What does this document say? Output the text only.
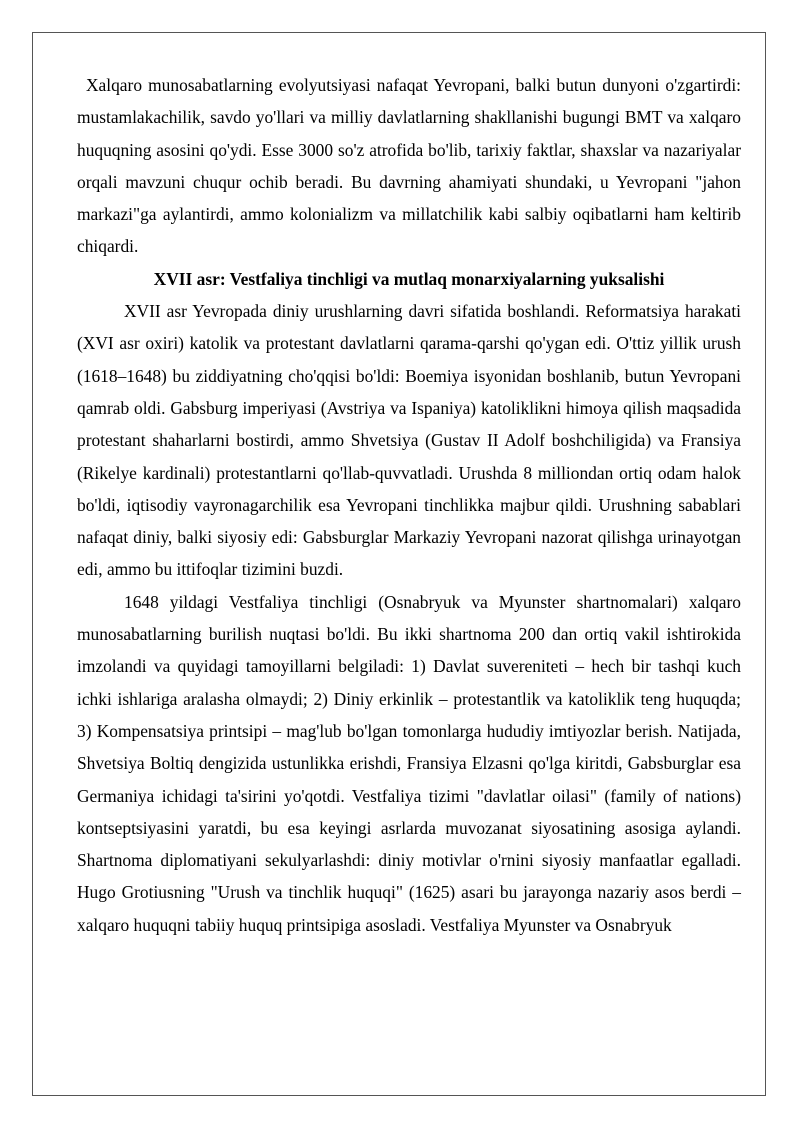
Xalqaro munosabatlarning evolyutsiyasi nafaqat Yevropani, balki butun dunyoni o'zgartirdi: mustamlakachilik, savdo yo'llari va milliy davlatlarning shakllanishi bugungi BMT va xalqaro huquqning asosini qo'ydi. Esse 3000 so'z atrofida bo'lib, tarixiy faktlar, shaxslar va nazariyalar orqali mavzuni chuqur ochib beradi. Bu davrning ahamiyati shundaki, u Yevropani "jahon markazi"ga aylantirdi, ammo kolonializm va millatchilik kabi salbiy oqibatlarni ham keltirib chiqardi.

XVII asr: Vestfaliya tinchligi va mutlaq monarxiyalarning yuksalishi

XVII asr Yevropada diniy urushlarning davri sifatida boshlandi. Reformatsiya harakati (XVI asr oxiri) katolik va protestant davlatlarni qarama-qarshi qo'ygan edi. O'ttiz yillik urush (1618–1648) bu ziddiyatning cho'qqisi bo'ldi: Boemiya isyonidan boshlanib, butun Yevropani qamrab oldi. Gabsburg imperiyasi (Avstriya va Ispaniya) katoliklikni himoya qilish maqsadida protestant shaharlarni bostirdi, ammo Shvetsiya (Gustav II Adolf boshchiligida) va Fransiya (Rikelye kardinali) protestantlarni qo'llab-quvvatladi. Urushda 8 milliondan ortiq odam halok bo'ldi, iqtisodiy vayronagarchilik esa Yevropani tinchlikka majbur qildi. Urushning sabablari nafaqat diniy, balki siyosiy edi: Gabsburglar Markaziy Yevropani nazorat qilishga urinayotgan edi, ammo bu ittifoqlar tizimini buzdi.

1648 yildagi Vestfaliya tinchligi (Osnabryuk va Myunster shartnomalari) xalqaro munosabatlarning burilish nuqtasi bo'ldi. Bu ikki shartnoma 200 dan ortiq vakil ishtirokida imzolandi va quyidagi tamoyillarni belgiladi: 1) Davlat suvereniteti – hech bir tashqi kuch ichki ishlariga aralasha olmaydi; 2) Diniy erkinlik – protestantlik va katoliklik teng huquqda; 3) Kompensatsiya printsipi – mag'lub bo'lgan tomonlarga hududiy imtiyozlar berish. Natijada, Shvetsiya Boltiq dengizida ustunlikka erishdi, Fransiya Elzasni qo'lga kiritdi, Gabsburglar esa Germaniya ichidagi ta'sirini yo'qotdi. Vestfaliya tizimi "davlatlar oilasi" (family of nations) kontseptsiyasini yaratdi, bu esa keyingi asrlarda muvozanat siyosatining asosiga aylandi. Shartnoma diplomatiyani sekulyarlashdi: diniy motivlar o'rnini siyosiy manfaatlar egalladi. Hugo Grotiusning "Urush va tinchlik huquqi" (1625) asari bu jarayonga nazariy asos berdi – xalqaro huquqni tabiiy huquq printsipiga asosladi. Vestfaliya Myunster va Osnabryuk
